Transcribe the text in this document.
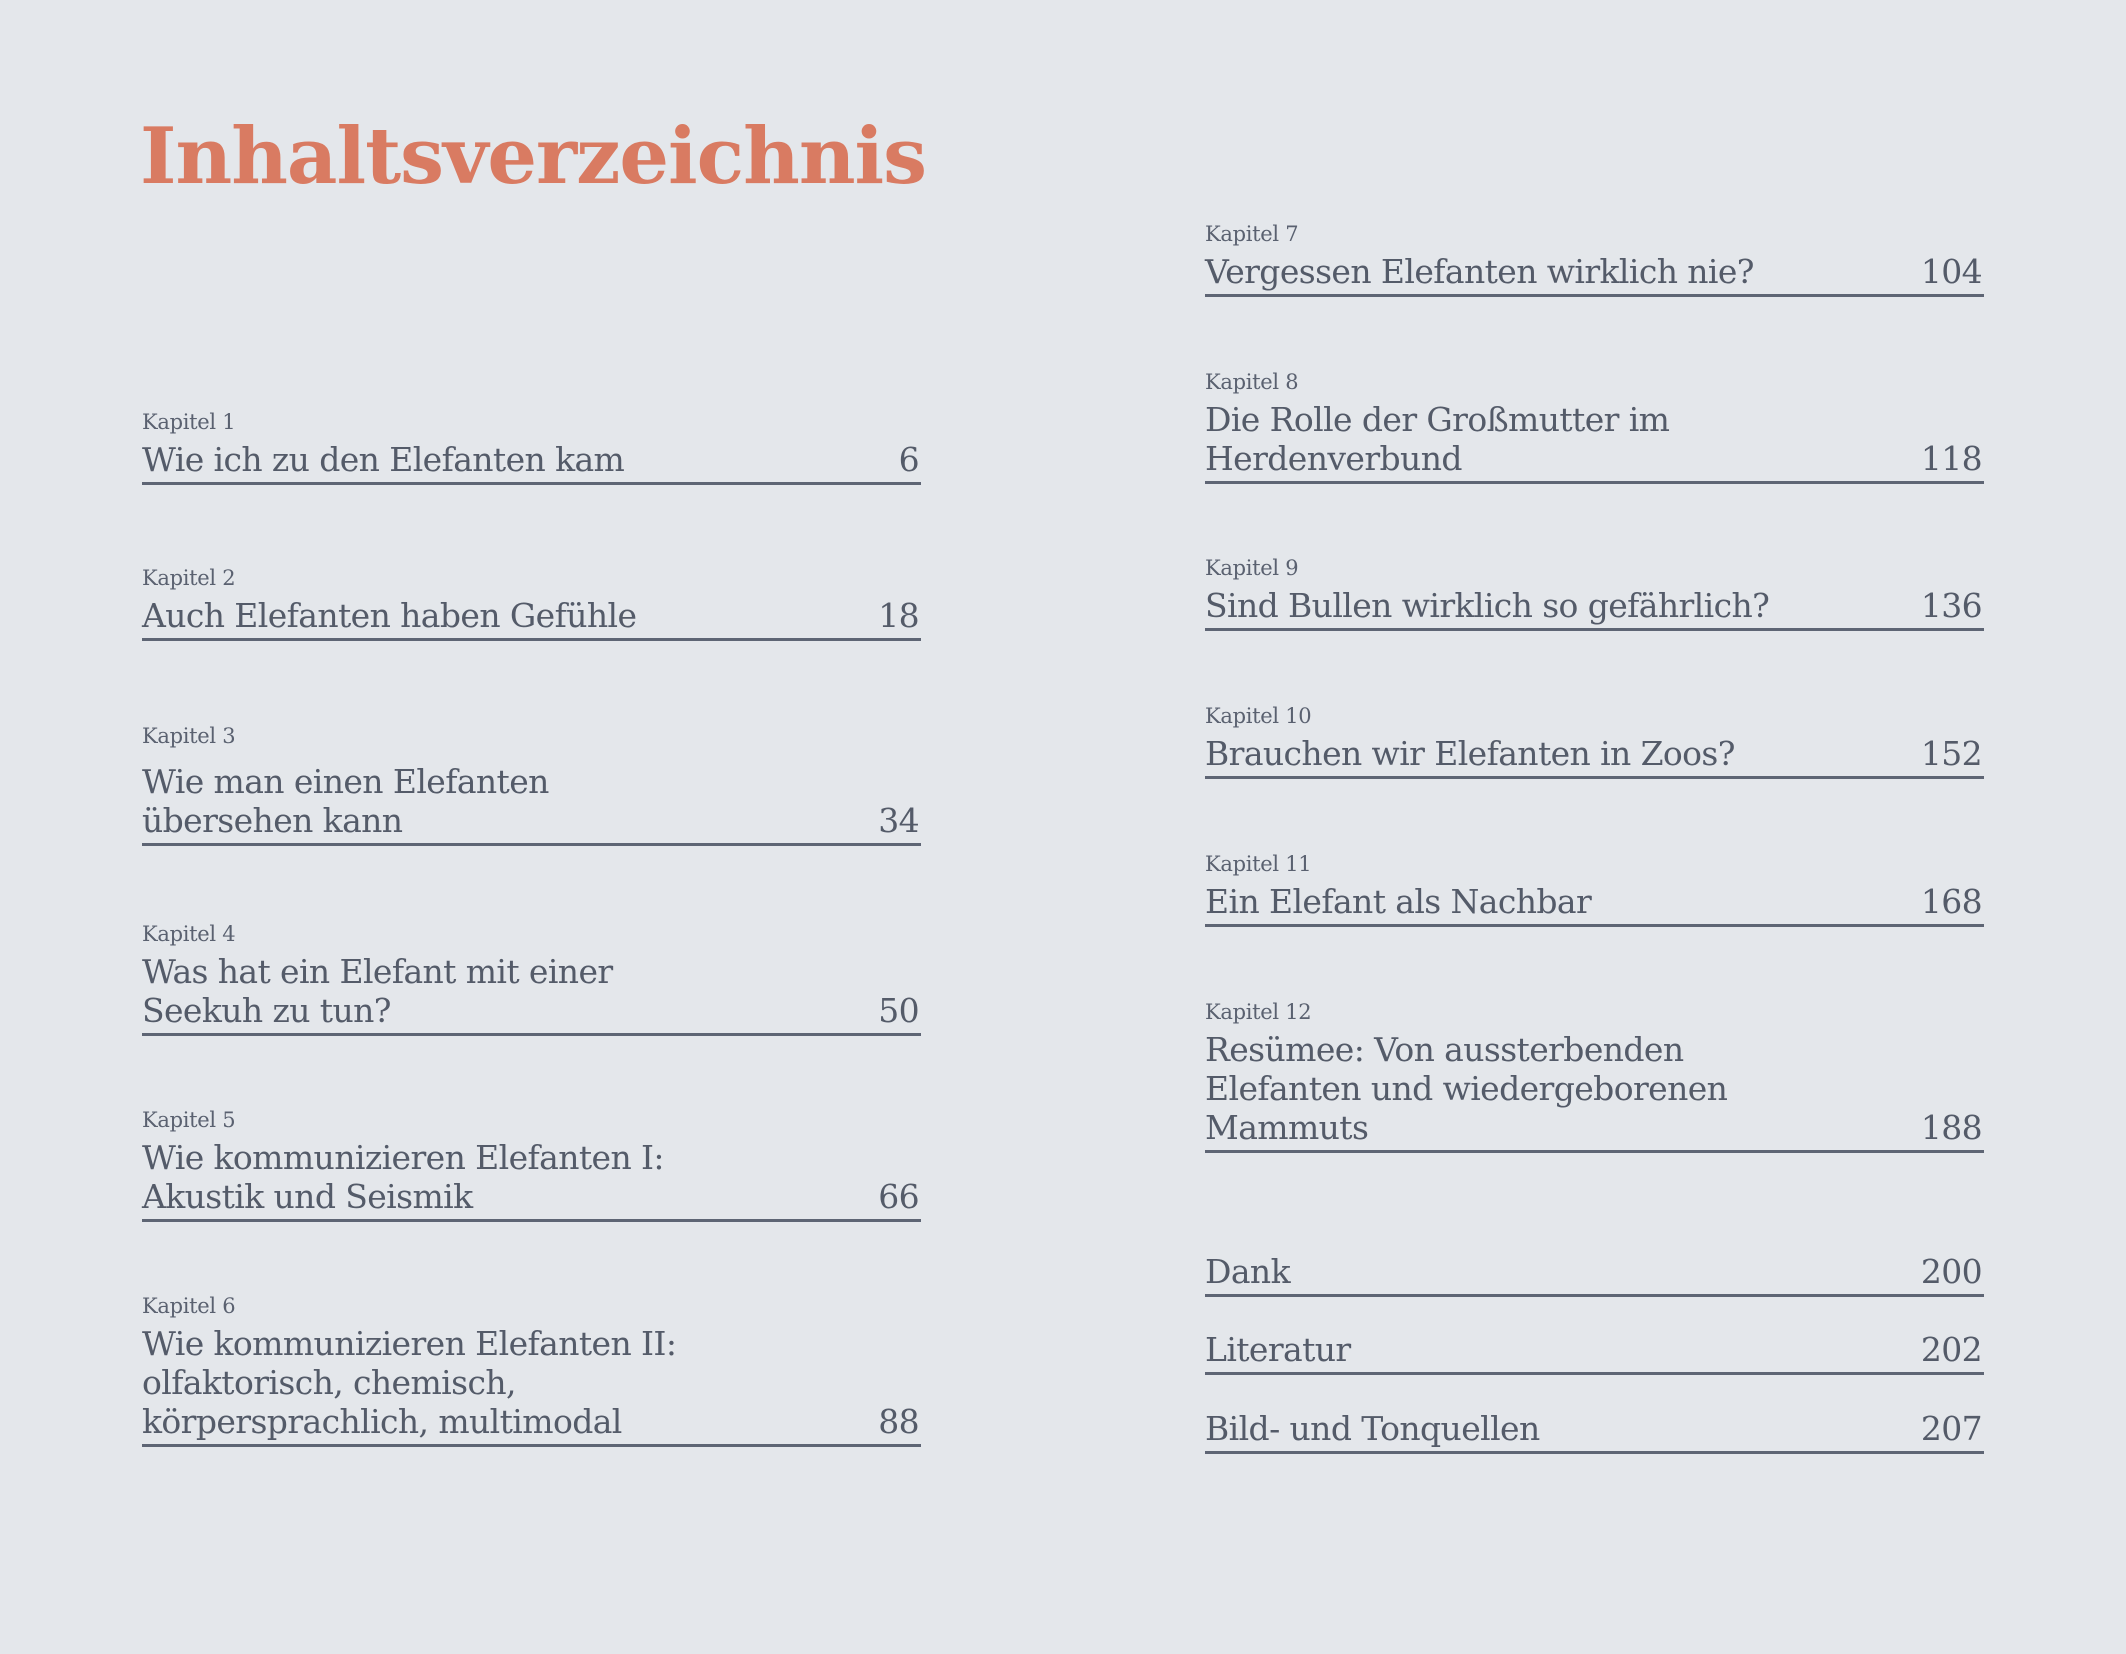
Inhaltsverzeichnis
Kapitel 1
Wie ich zu den Elefanten kam	6
Kapitel 2
Auch Elefanten haben Gefühle	18
Kapitel 3
Wie man einen Elefanten
übersehen kann	34
Kapitel 4
Was hat ein Elefant mit einer
Seekuh zu tun?	50
Kapitel 5
Wie kommunizieren Elefanten I:
Akustik und Seismik	66
Kapitel 6
Wie kommunizieren Elefanten II:
olfaktorisch, chemisch,
körpersprachlich, multimodal	88
Kapitel 7
Vergessen Elefanten wirklich nie?	104
Kapitel 8
Die Rolle der Großmutter im
Herdenverbund	118
Kapitel 9
Sind Bullen wirklich so gefährlich?	136
Kapitel 10
Brauchen wir Elefanten in Zoos?	152
Kapitel 11
Ein Elefant als Nachbar	168
Kapitel 12
Resümee: Von aussterbenden
Elefanten und wiedergeborenen
Mammuts	188
Dank	200
Literatur	202
Bild- und Tonquellen	207
